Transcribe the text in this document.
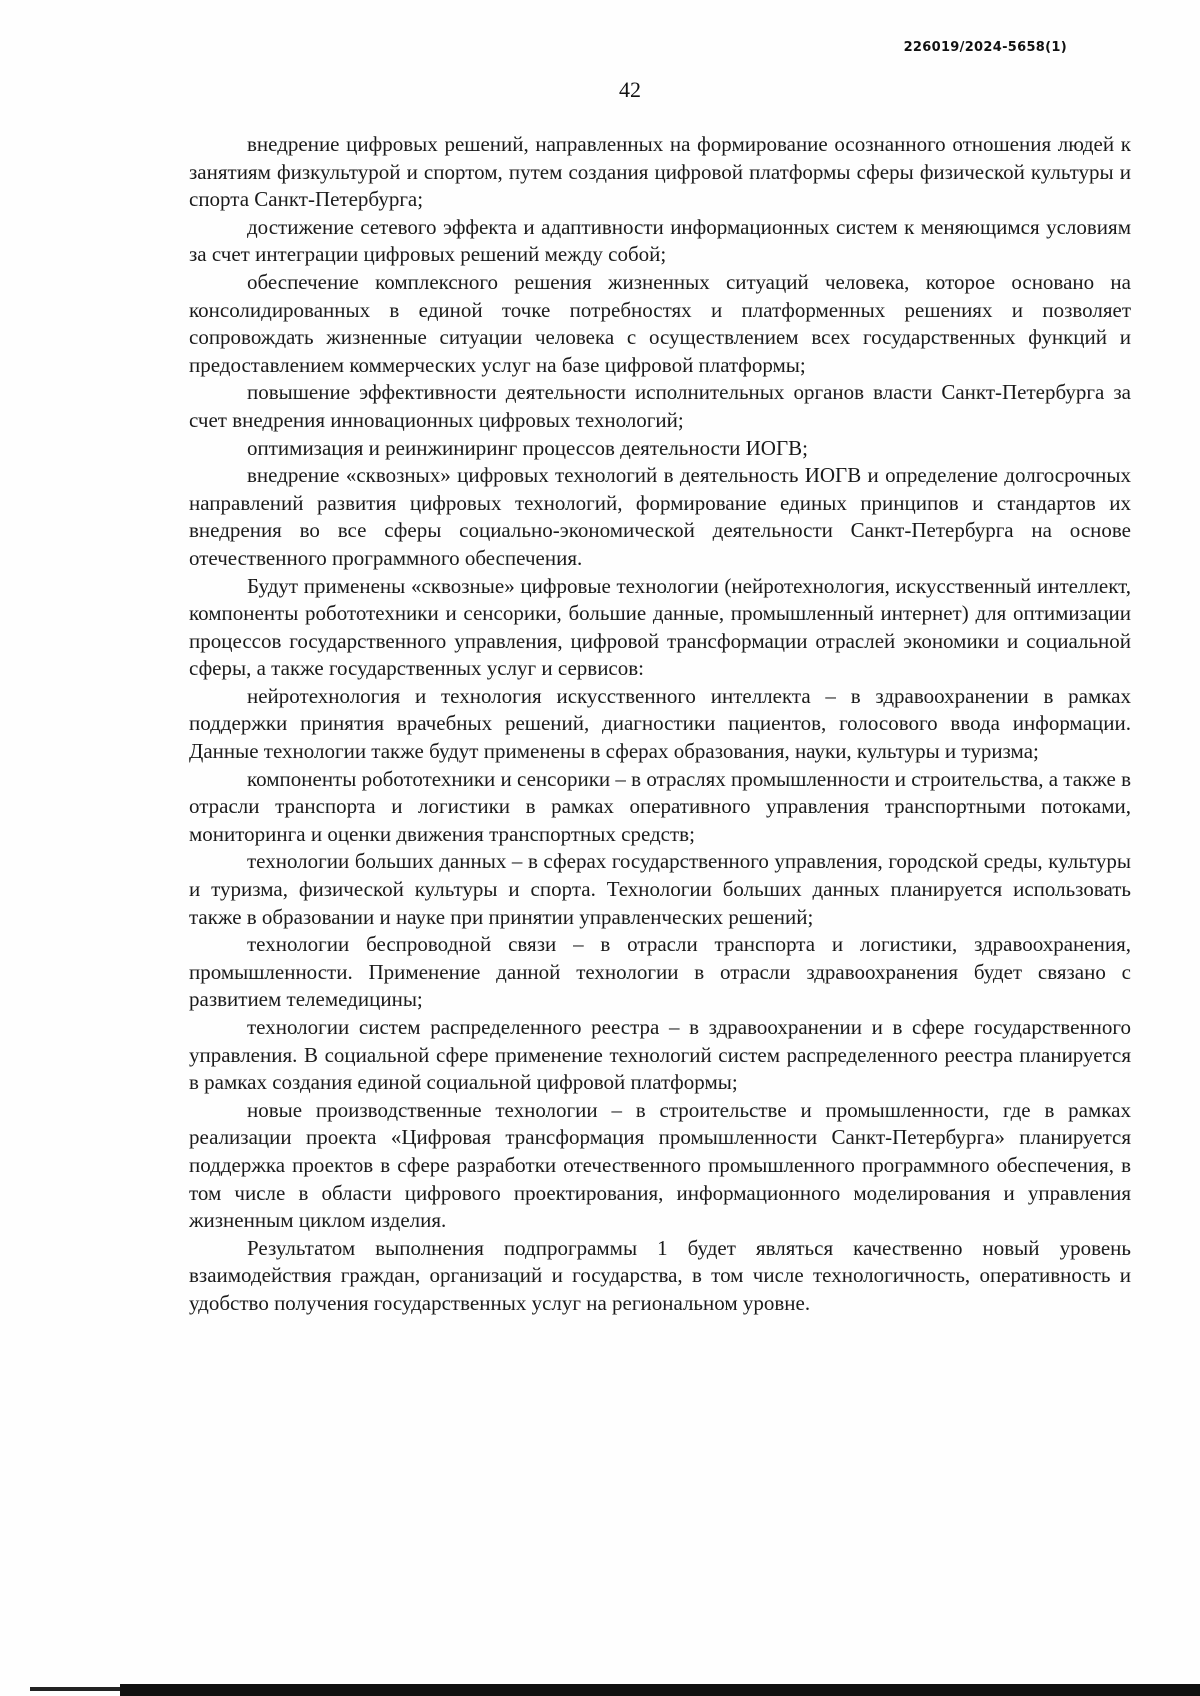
226019/2024-5658(1)
42

внедрение цифровых решений, направленных на формирование осознанного отношения людей к занятиям физкультурой и спортом, путем создания цифровой платформы сферы физической культуры и спорта Санкт-Петербурга;

достижение сетевого эффекта и адаптивности информационных систем к меняющимся условиям за счет интеграции цифровых решений между собой;

обеспечение комплексного решения жизненных ситуаций человека, которое основано на консолидированных в единой точке потребностях и платформенных решениях и позволяет сопровождать жизненные ситуации человека с осуществлением всех государственных функций и предоставлением коммерческих услуг на базе цифровой платформы;

повышение эффективности деятельности исполнительных органов власти Санкт-Петербурга за счет внедрения инновационных цифровых технологий;

оптимизация и реинжиниринг процессов деятельности ИОГВ;

внедрение «сквозных» цифровых технологий в деятельность ИОГВ и определение долгосрочных направлений развития цифровых технологий, формирование единых принципов и стандартов их внедрения во все сферы социально-экономической деятельности Санкт-Петербурга на основе отечественного программного обеспечения.

Будут применены «сквозные» цифровые технологии (нейротехнология, искусственный интеллект, компоненты робототехники и сенсорики, большие данные, промышленный интернет) для оптимизации процессов государственного управления, цифровой трансформации отраслей экономики и социальной сферы, а также государственных услуг и сервисов:

нейротехнология и технология искусственного интеллекта – в здравоохранении в рамках поддержки принятия врачебных решений, диагностики пациентов, голосового ввода информации. Данные технологии также будут применены в сферах образования, науки, культуры и туризма;

компоненты робототехники и сенсорики – в отраслях промышленности и строительства, а также в отрасли транспорта и логистики в рамках оперативного управления транспортными потоками, мониторинга и оценки движения транспортных средств;

технологии больших данных – в сферах государственного управления, городской среды, культуры и туризма, физической культуры и спорта. Технологии больших данных планируется использовать также в образовании и науке при принятии управленческих решений;

технологии беспроводной связи – в отрасли транспорта и логистики, здравоохранения, промышленности. Применение данной технологии в отрасли здравоохранения будет связано с развитием телемедицины;

технологии систем распределенного реестра – в здравоохранении и в сфере государственного управления. В социальной сфере применение технологий систем распределенного реестра планируется в рамках создания единой социальной цифровой платформы;

новые производственные технологии – в строительстве и промышленности, где в рамках реализации проекта «Цифровая трансформация промышленности Санкт-Петербурга» планируется поддержка проектов в сфере разработки отечественного промышленного программного обеспечения, в том числе в области цифрового проектирования, информационного моделирования и управления жизненным циклом изделия.

Результатом выполнения подпрограммы 1 будет являться качественно новый уровень взаимодействия граждан, организаций и государства, в том числе технологичность, оперативность и удобство получения государственных услуг на региональном уровне.
